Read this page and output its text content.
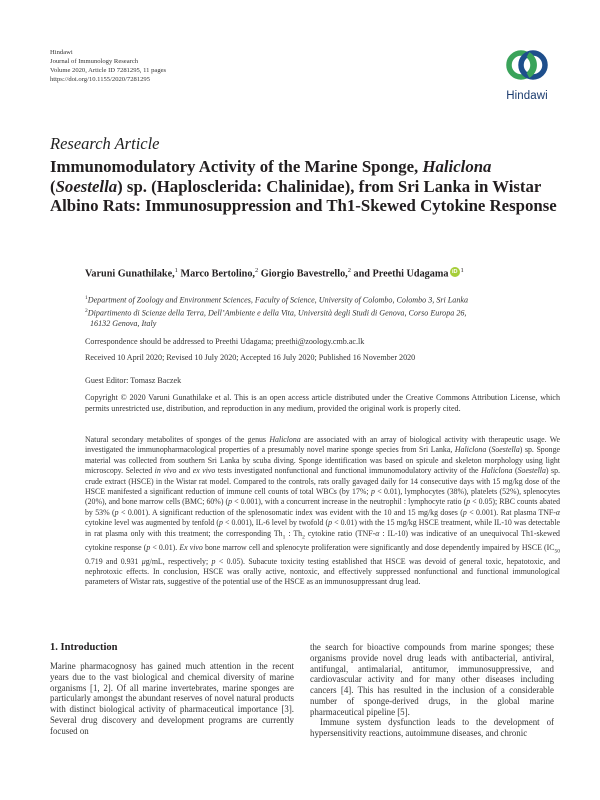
Hindawi
Journal of Immunology Research
Volume 2020, Article ID 7281295, 11 pages
https://doi.org/10.1155/2020/7281295
Hindawi
Research Article
Immunomodulatory Activity of the Marine Sponge, Haliclona (Soestella) sp. (Haplosclerida: Chalinidae), from Sri Lanka in Wistar Albino Rats: Immunosuppression and Th1-Skewed Cytokine Response
Varuni Gunathilake,$^1$ Marco Bertolino,$^2$ Giorgio Bavestrello,$^2$ and Preethi UdagamaiD $^1$
$^1$Department of Zoology and Environment Sciences, Faculty of Science, University of Colombo, Colombo 3, Sri Lanka
$^2$Dipartimento di Scienze della Terra, Dell’Ambiente e della Vita, Università degli Studi di Genova, Corso Europa 26,
16132 Genova, Italy
Correspondence should be addressed to Preethi Udagama; preethi@zoology.cmb.ac.lk
Received 10 April 2020; Revised 10 July 2020; Accepted 16 July 2020; Published 16 November 2020
Guest Editor: Tomasz Baczek
Copyright © 2020 Varuni Gunathilake et al. This is an open access article distributed under the Creative Commons Attribution License, which permits unrestricted use, distribution, and reproduction in any medium, provided the original work is properly cited.
Natural secondary metabolites of sponges of the genus Haliclona are associated with an array of biological activity with therapeutic usage. We investigated the immunopharmacological properties of a presumably novel marine sponge species from Sri Lanka, Haliclona (Soestella) sp. Sponge material was collected from southern Sri Lanka by scuba diving. Sponge identification was based on spicule and skeleton morphology using light microscopy. Selected in vivo and ex vivo tests investigated nonfunctional and functional immunomodulatory activity of the Haliclona (Soestella) sp. crude extract (HSCE) in the Wistar rat model. Compared to the controls, rats orally gavaged daily for 14 consecutive days with 15 mg/kg dose of the HSCE manifested a significant reduction of immune cell counts of total WBCs (by 17%; p < 0.01), lymphocytes (38%), platelets (52%), splenocytes (20%), and bone marrow cells (BMC; 60%) (p < 0.001), with a concurrent increase in the neutrophil : lymphocyte ratio (p < 0.05); RBC counts abated by 53% (p < 0.001). A significant reduction of the splenosomatic index was evident with the 10 and 15 mg/kg doses (p < 0.001). Rat plasma TNF-α cytokine level was augmented by tenfold (p < 0.001), IL-6 level by twofold (p < 0.01) with the 15 mg/kg HSCE treatment, while IL-10 was detectable in rat plasma only with this treatment; the corresponding $Th_1$ : $Th_2$ cytokine ratio (TNF-α : IL-10) was indicative of an unequivocal Th1-skewed cytokine response (p < 0.01). Ex vivo bone marrow cell and splenocyte proliferation were significantly and dose dependently impaired by HSCE ($IC_{50}$ 0.719 and 0.931 μg/mL, respectively; p < 0.05). Subacute toxicity testing established that HSCE was devoid of general toxic, hepatotoxic, and nephrotoxic effects. In conclusion, HSCE was orally active, nontoxic, and effectively suppressed nonfunctional and functional immunological parameters of Wistar rats, suggestive of the potential use of the HSCE as an immunosuppressant drug lead.
1. Introduction

Marine pharmacognosy has gained much attention in the recent years due to the vast biological and chemical diversity of marine organisms [1, 2]. Of all marine invertebrates, marine sponges are particularly amongst the abundant reserves of novel natural products with distinct biological activity of pharmaceutical importance [3]. Several drug discovery and development programs are currently focused on

the search for bioactive compounds from marine sponges; these organisms provide novel drug leads with antibacterial, antiviral, antifungal, antimalarial, antitumor, immunosuppressive, and cardiovascular activity and for many other diseases including cancers [4]. This has resulted in the inclusion of a considerable number of sponge-derived drugs, in the global marine pharmaceutical pipeline [5].

Immune system dysfunction leads to the development of hypersensitivity reactions, autoimmune diseases, and chronic
